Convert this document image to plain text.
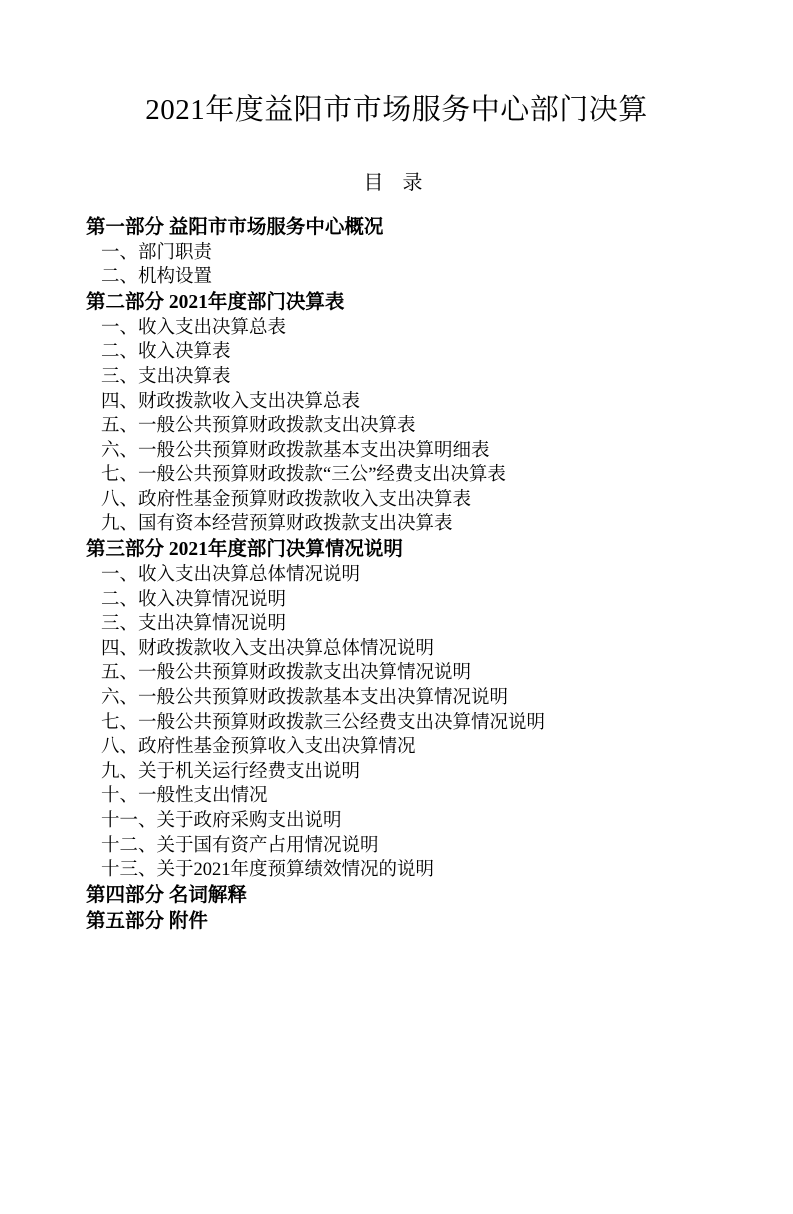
2021年度益阳市市场服务中心部门决算
目 录
第一部分 益阳市市场服务中心概况
一、部门职责
二、机构设置
第二部分 2021年度部门决算表
一、收入支出决算总表
二、收入决算表
三、支出决算表
四、财政拨款收入支出决算总表
五、一般公共预算财政拨款支出决算表
六、一般公共预算财政拨款基本支出决算明细表
七、一般公共预算财政拨款“三公”经费支出决算表
八、政府性基金预算财政拨款收入支出决算表
九、国有资本经营预算财政拨款支出决算表
第三部分 2021年度部门决算情况说明
一、收入支出决算总体情况说明
二、收入决算情况说明
三、支出决算情况说明
四、财政拨款收入支出决算总体情况说明
五、一般公共预算财政拨款支出决算情况说明
六、一般公共预算财政拨款基本支出决算情况说明
七、一般公共预算财政拨款三公经费支出决算情况说明
八、政府性基金预算收入支出决算情况
九、关于机关运行经费支出说明
十、一般性支出情况
十一、关于政府采购支出说明
十二、关于国有资产占用情况说明
十三、关于2021年度预算绩效情况的说明
第四部分 名词解释
第五部分 附件
